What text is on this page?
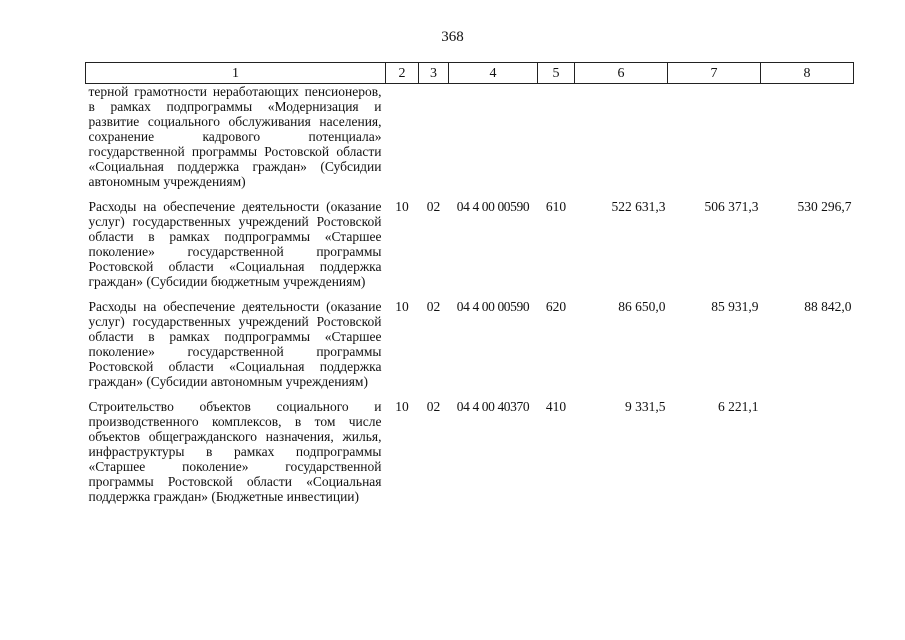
368
1	2	3	4	5	6	7	8
терной грамотности неработающих пенсионеров, в рамках подпрограммы «Модернизация и развитие социального обслуживания населения, сохранение кадрового потенциала» государственной программы Ростовской области «Социальная поддержка граждан» (Субсидии автономным учреждениям)							

Расходы на обеспечение деятельности (оказание услуг) государственных учреждений Ростовской области в рамках подпрограммы «Старшее поколение» государственной программы Ростовской области «Социальная поддержка граждан» (Субсидии бюджетным учреждениям)	10	02	04 4 00 00590	610	522 631,3	506 371,3	530 296,7

Расходы на обеспечение деятельности (оказание услуг) государственных учреждений Ростовской области в рамках подпрограммы «Старшее поколение» государственной программы Ростовской области «Социальная поддержка граждан» (Субсидии автономным учреждениям)	10	02	04 4 00 00590	620	86 650,0	85 931,9	88 842,0

Строительство объектов социального и производственного комплексов, в том числе объектов общегражданского назначения, жилья, инфраструктуры в рамках подпрограммы «Старшее поколение» государственной программы Ростовской области «Социальная поддержка граждан» (Бюджетные инвестиции)	10	02	04 4 00 40370	410	9 331,5	6 221,1	
